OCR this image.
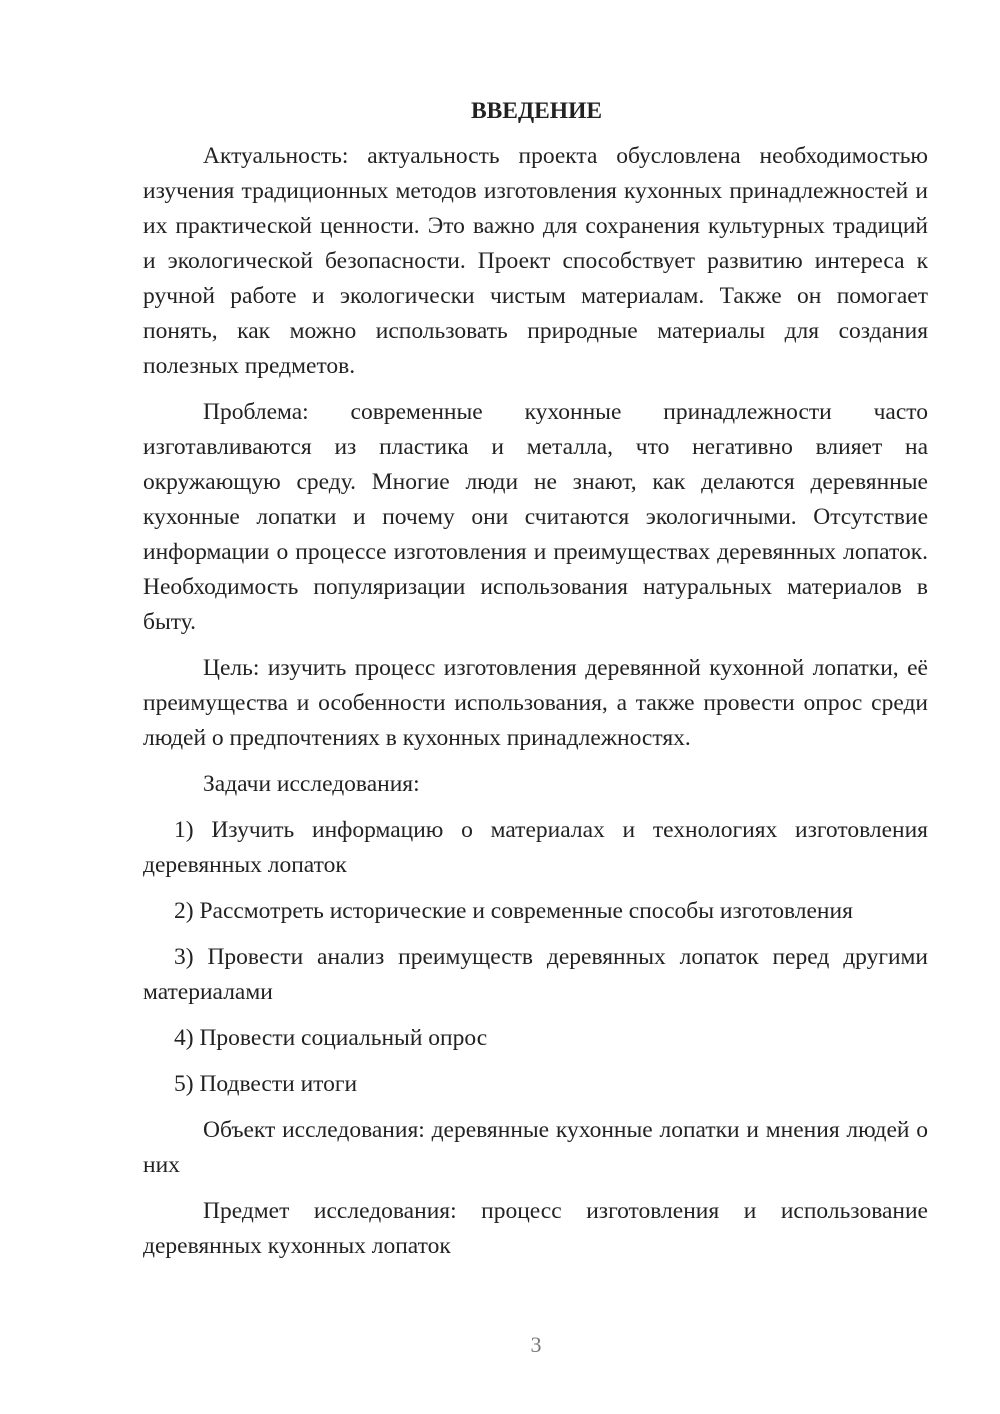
ВВЕДЕНИЕ

Актуальность: актуальность проекта обусловлена необходимостью изучения традиционных методов изготовления кухонных принадлежностей и их практической ценности. Это важно для сохранения культурных традиций и экологической безопасности. Проект способствует развитию интереса к ручной работе и экологически чистым материалам. Также он помогает понять, как можно использовать природные материалы для создания полезных предметов.

Проблема: современные кухонные принадлежности часто изготавливаются из пластика и металла, что негативно влияет на окружающую среду. Многие люди не знают, как делаются деревянные кухонные лопатки и почему они считаются экологичными. Отсутствие информации о процессе изготовления и преимуществах деревянных лопаток. Необходимость популяризации использования натуральных материалов в быту.

Цель: изучить процесс изготовления деревянной кухонной лопатки, её преимущества и особенности использования, а также провести опрос среди людей о предпочтениях в кухонных принадлежностях.

Задачи исследования:

1) Изучить информацию о материалах и технологиях изготовления деревянных лопаток

2) Рассмотреть исторические и современные способы изготовления

3) Провести анализ преимуществ деревянных лопаток перед другими материалами

4) Провести социальный опрос

5) Подвести итоги

Объект исследования: деревянные кухонные лопатки и мнения людей о них

Предмет исследования: процесс изготовления и использование деревянных кухонных лопаток

3
